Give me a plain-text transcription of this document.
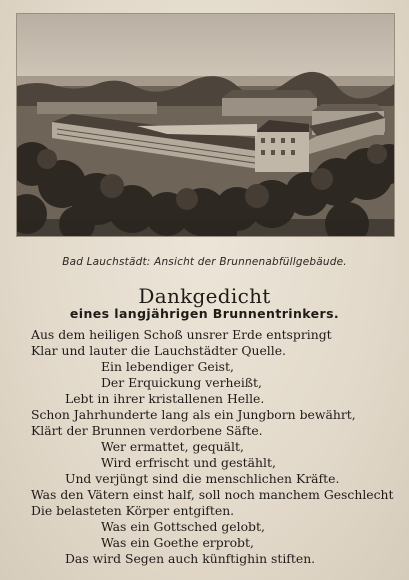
Bad Lauchstädt: Ansicht der Brunnenabfüllgebäude.
Dankgedicht
eines langjährigen Brunnentrinkers.
Aus dem heiligen Schoß unsrer Erde entspringt
Klar und lauter die Lauchstädter Quelle.
Ein lebendiger Geist,
Der Erquickung verheißt,
Lebt in ihrer kristallenen Helle.
Schon Jahrhunderte lang als ein Jungborn bewährt,
Klärt der Brunnen verdorbene Säfte.
Wer ermattet, gequält,
Wird erfrischt und gestählt,
Und verjüngt sind die menschlichen Kräfte.
Was den Vätern einst half, soll noch manchem Geschlecht
Die belasteten Körper entgiften.
Was ein Gottsched gelobt,
Was ein Goethe erprobt,
Das wird Segen auch künftighin stiften.
